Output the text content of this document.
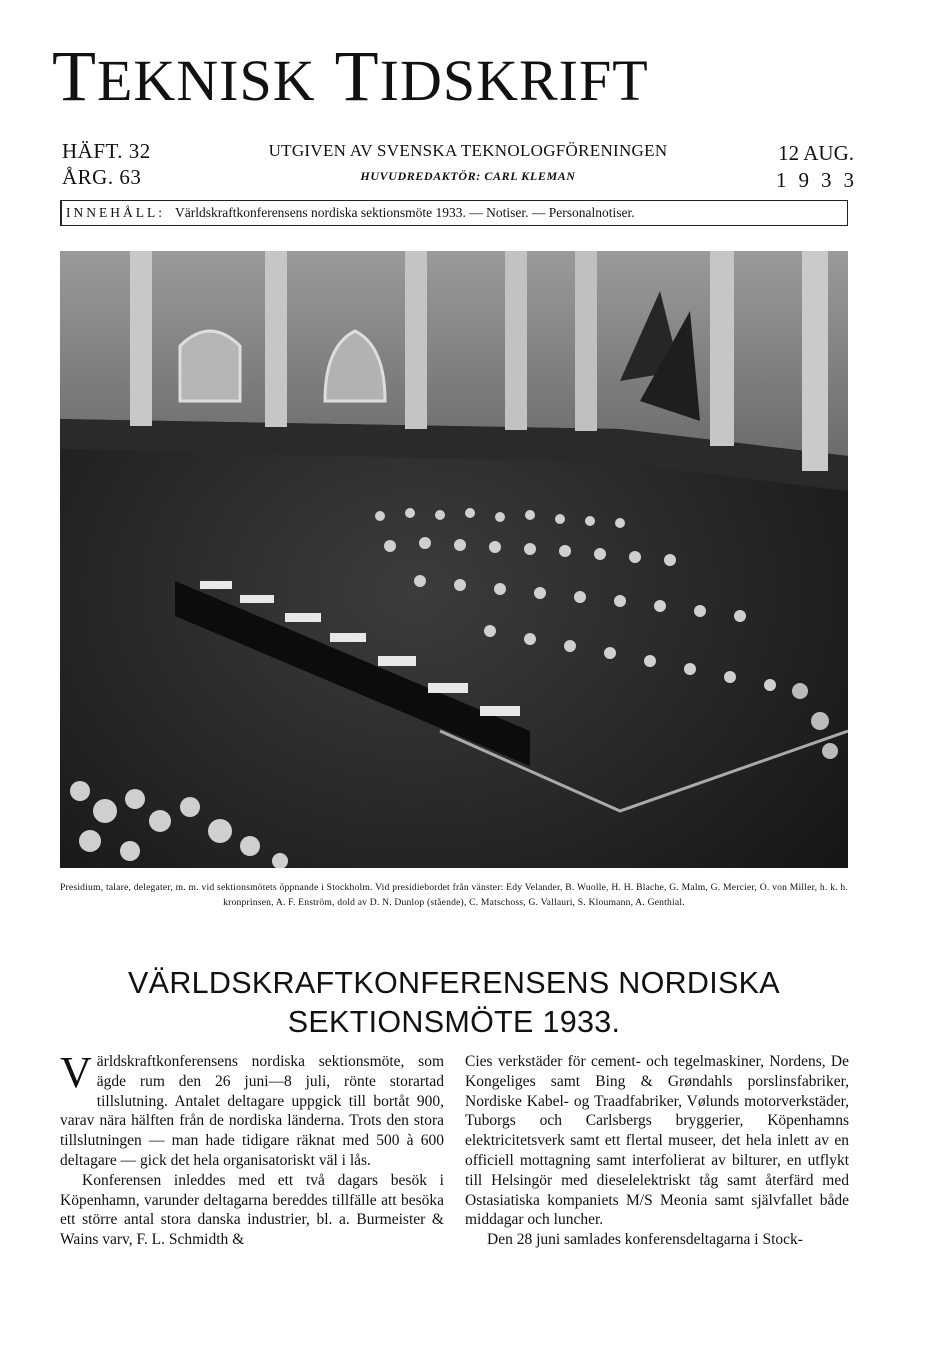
TEKNISK TIDSKRIFT
HÄFT. 32
ÅRG. 63
UTGIVEN AV SVENSKA TEKNOLOGFÖRENINGEN
HUVUDREDAKTÖR: CARL KLEMAN
12 AUG.
1933
INNEHÅLL: Världskraftkonferensens nordiska sektionsmöte 1933. — Notiser. — Personalnotiser.
Presidium, talare, delegater, m. m. vid sektionsmötets öppnande i Stockholm. Vid presidiebordet från vänster: Edy Velander, B. Wuolle, H. H. Blache, G. Malm, G. Mercier, O. von Miller, h. k. h. kronprinsen, A. F. Enström, dold av D. N. Dunlop (stående), C. Matschoss, G. Vallauri, S. Kloumann, A. Genthial.
VÄRLDSKRAFTKONFERENSENS NORDISKA
SEKTIONSMÖTE 1933.

Världskraftkonferensens nordiska sektionsmöte, som ägde rum den 26 juni—8 juli, rönte storartad tillslutning. Antalet deltagare uppgick till bortåt 900, varav nära hälften från de nordiska länderna. Trots den stora tillslutningen — man hade tidigare räknat med 500 à 600 deltagare — gick det hela organisatoriskt väl i lås.

Konferensen inleddes med ett två dagars besök i Köpenhamn, varunder deltagarna bereddes tillfälle att besöka ett större antal stora danska industrier, bl. a. Burmeister & Wains varv, F. L. Schmidth &

Cies verkstäder för cement- och tegelmaskiner, Nordens, De Kongeliges samt Bing & Grøndahls porslinsfabriker, Nordiske Kabel- og Traadfabriker, Vølunds motorverkstäder, Tuborgs och Carlsbergs bryggerier, Köpenhamns elektricitetsverk samt ett flertal museer, det hela inlett av en officiell mottagning samt interfolierat av bilturer, en utflykt till Helsingör med dieselelektriskt tåg samt återfärd med Ostasiatiska kompaniets M/S Meonia samt självfallet både middagar och luncher.

Den 28 juni samlades konferensdeltagarna i Stock-
